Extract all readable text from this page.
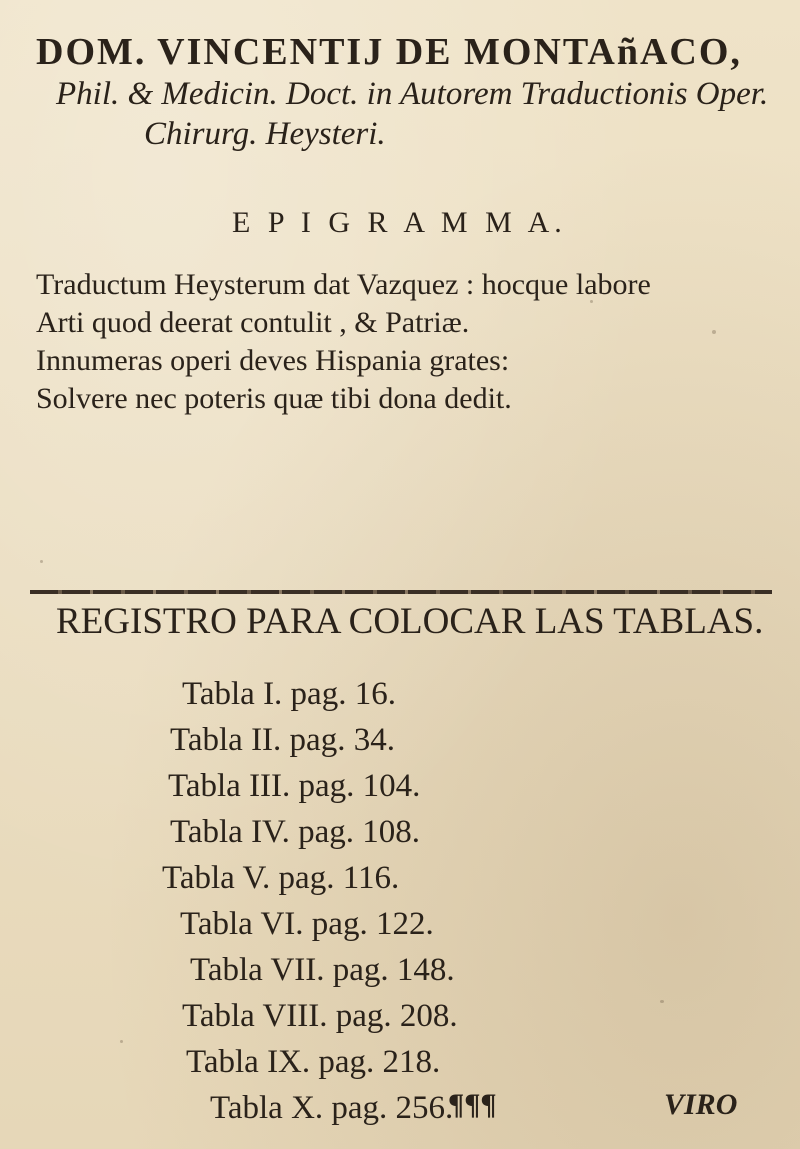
DOM. VINCENTIJ DE MONTAñACO,
Phil. & Medicin. Doct. in Autorem Traductionis Oper.
Chirurg. Heysteri.
E P I G R A M M A.
Traductum Heysterum dat Vazquez : hocque labore
Arti quod deerat contulit , & Patriæ.
Innumeras operi deves Hispania grates:
Solvere nec poteris quæ tibi dona dedit.
REGISTRO PARA COLOCAR LAS TABLAS.
Tabla I. pag. 16.
Tabla II. pag. 34.
Tabla III. pag. 104.
Tabla IV. pag. 108.
Tabla V. pag. 116.
Tabla VI. pag. 122.
Tabla VII. pag. 148.
Tabla VIII. pag. 208.
Tabla IX. pag. 218.
Tabla X. pag. 256.
¶¶¶	VIRO
